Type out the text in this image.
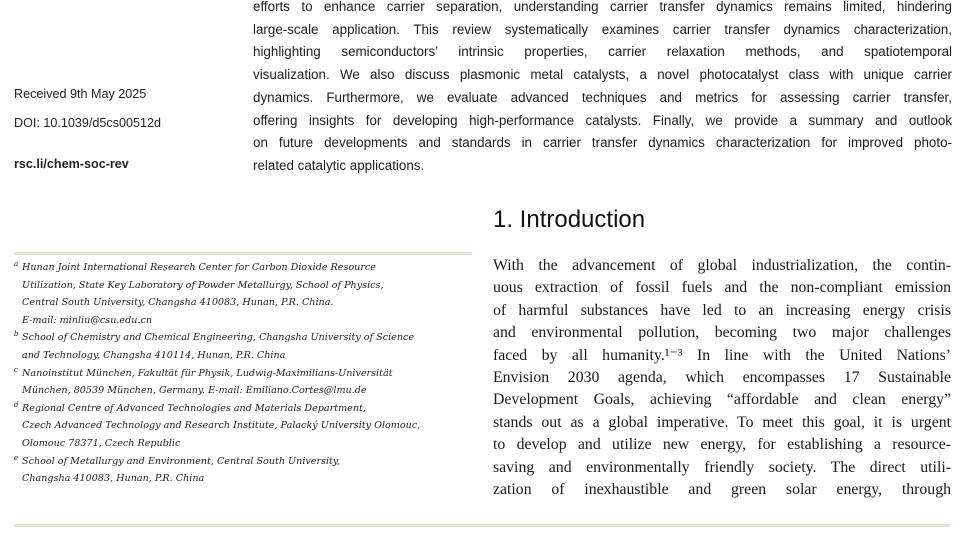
efforts to enhance carrier separation, understanding carrier transfer dynamics remains limited, hindering
large-scale application. This review systematically examines carrier transfer dynamics characterization,
highlighting semiconductors’ intrinsic properties, carrier relaxation methods, and spatiotemporal
visualization. We also discuss plasmonic metal catalysts, a novel photocatalyst class with unique carrier
dynamics. Furthermore, we evaluate advanced techniques and metrics for assessing carrier transfer,
offering insights for developing high-performance catalysts. Finally, we provide a summary and outlook
on future developments and standards in carrier transfer dynamics characterization for improved photo-
related catalytic applications.
Received 9th May 2025
DOI: 10.1039/d5cs00512d
rsc.li/chem-soc-rev
1. Introduction
a Hunan Joint International Research Center for Carbon Dioxide Resource
Utilization, State Key Laboratory of Powder Metallurgy, School of Physics,
Central South University, Changsha 410083, Hunan, P.R. China.
E-mail: minliu@csu.edu.cn
b School of Chemistry and Chemical Engineering, Changsha University of Science
and Technology, Changsha 410114, Hunan, P.R. China
c Nanoinstitut München, Fakultät für Physik, Ludwig-Maximilians-Universität
München, 80539 München, Germany. E-mail: Emiliano.Cortes@lmu.de
d Regional Centre of Advanced Technologies and Materials Department,
Czech Advanced Technology and Research Institute, Palacký University Olomouc,
Olomouc 78371, Czech Republic
e School of Metallurgy and Environment, Central South University,
Changsha 410083, Hunan, P.R. China
With the advancement of global industrialization, the contin-
uous extraction of fossil fuels and the non-compliant emission
of harmful substances have led to an increasing energy crisis
and environmental pollution, becoming two major challenges
faced by all humanity.¹⁻³ In line with the United Nations’
Envision 2030 agenda, which encompasses 17 Sustainable
Development Goals, achieving “affordable and clean energy”
stands out as a global imperative. To meet this goal, it is urgent
to develop and utilize new energy, for establishing a resource-
saving and environmentally friendly society. The direct utili-
zation of inexhaustible and green solar energy, through
